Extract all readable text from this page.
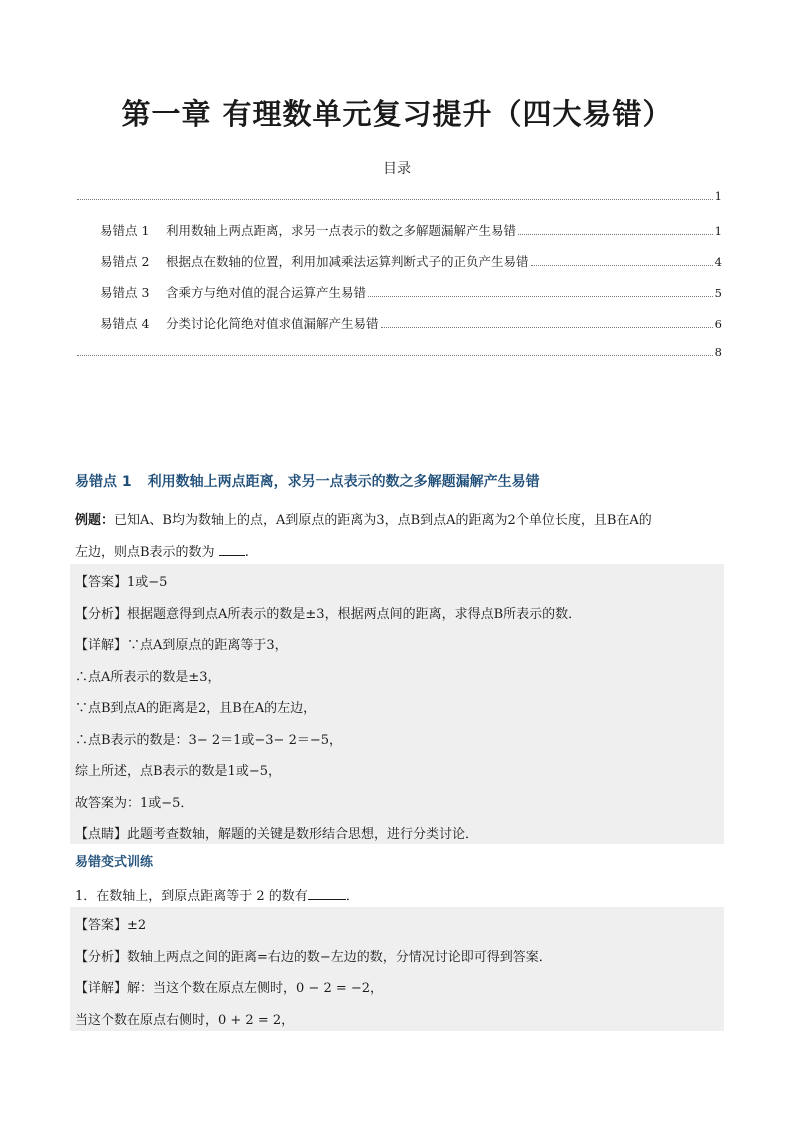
第一章 有理数单元复习提升（四大易错）
目录
1
易错点 1 利用数轴上两点距离，求另一点表示的数之多解题漏解产生易错	1
易错点 2 根据点在数轴的位置，利用加减乘法运算判断式子的正负产生易错	4
易错点 3 含乘方与绝对值的混合运算产生易错	5
易错点 4 分类讨论化简绝对值求值漏解产生易错	6
8
易错点 1 利用数轴上两点距离，求另一点表示的数之多解题漏解产生易错
例题：已知A、B均为数轴上的点，A到原点的距离为3，点B到点A的距离为2个单位长度，且B在A的
左边，则点B表示的数为 .
【答案】1或−5
【分析】根据题意得到点A所表示的数是±3，根据两点间的距离，求得点B所表示的数．
【详解】∵点A到原点的距离等于3，
∴点A所表示的数是±3，
∵点B到点A的距离是2，且B在A的左边，
∴点B表示的数是：3− 2＝1或−3− 2＝−5，
综上所述，点B表示的数是1或−5，
故答案为：1或−5．
【点睛】此题考查数轴，解题的关键是数形结合思想，进行分类讨论．
易错变式训练
1．在数轴上，到原点距离等于 2 的数有	．
【答案】±2
【分析】数轴上两点之间的距离=右边的数−左边的数，分情况讨论即可得到答案．
【详解】解：当这个数在原点左侧时，0 − 2 = −2，
当这个数在原点右侧时，0 + 2 = 2，
